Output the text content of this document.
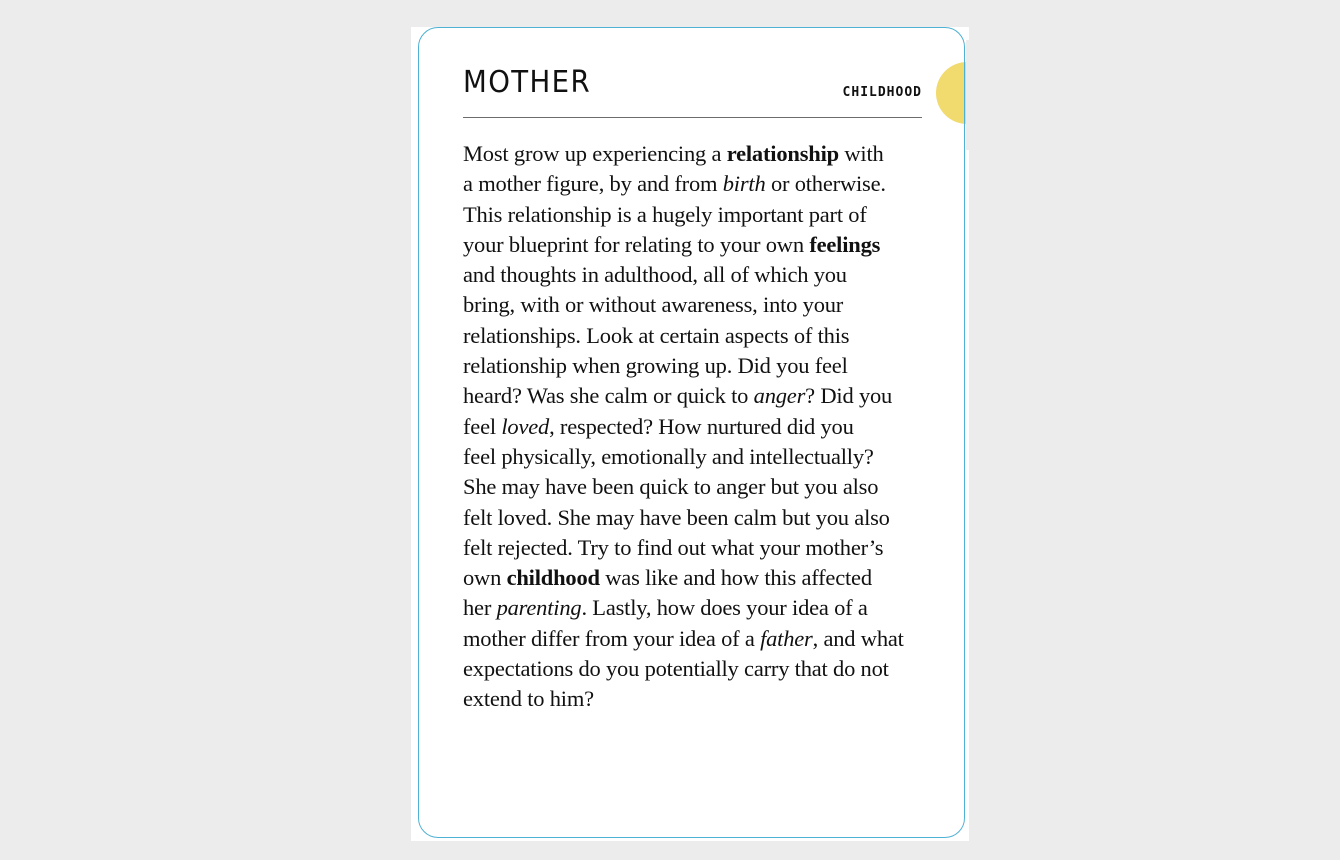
MOTHER	CHILDHOOD
Most grow up experiencing a relationship with
a mother figure, by and from birth or otherwise.
This relationship is a hugely important part of
your blueprint for relating to your own feelings
and thoughts in adulthood, all of which you
bring, with or without awareness, into your
relationships. Look at certain aspects of this
relationship when growing up. Did you feel
heard? Was she calm or quick to anger? Did you
feel loved, respected? How nurtured did you
feel physically, emotionally and intellectually?
She may have been quick to anger but you also
felt loved. She may have been calm but you also
felt rejected. Try to find out what your mother’s
own childhood was like and how this affected
her parenting. Lastly, how does your idea of a
mother differ from your idea of a father, and what
expectations do you potentially carry that do not
extend to him?
